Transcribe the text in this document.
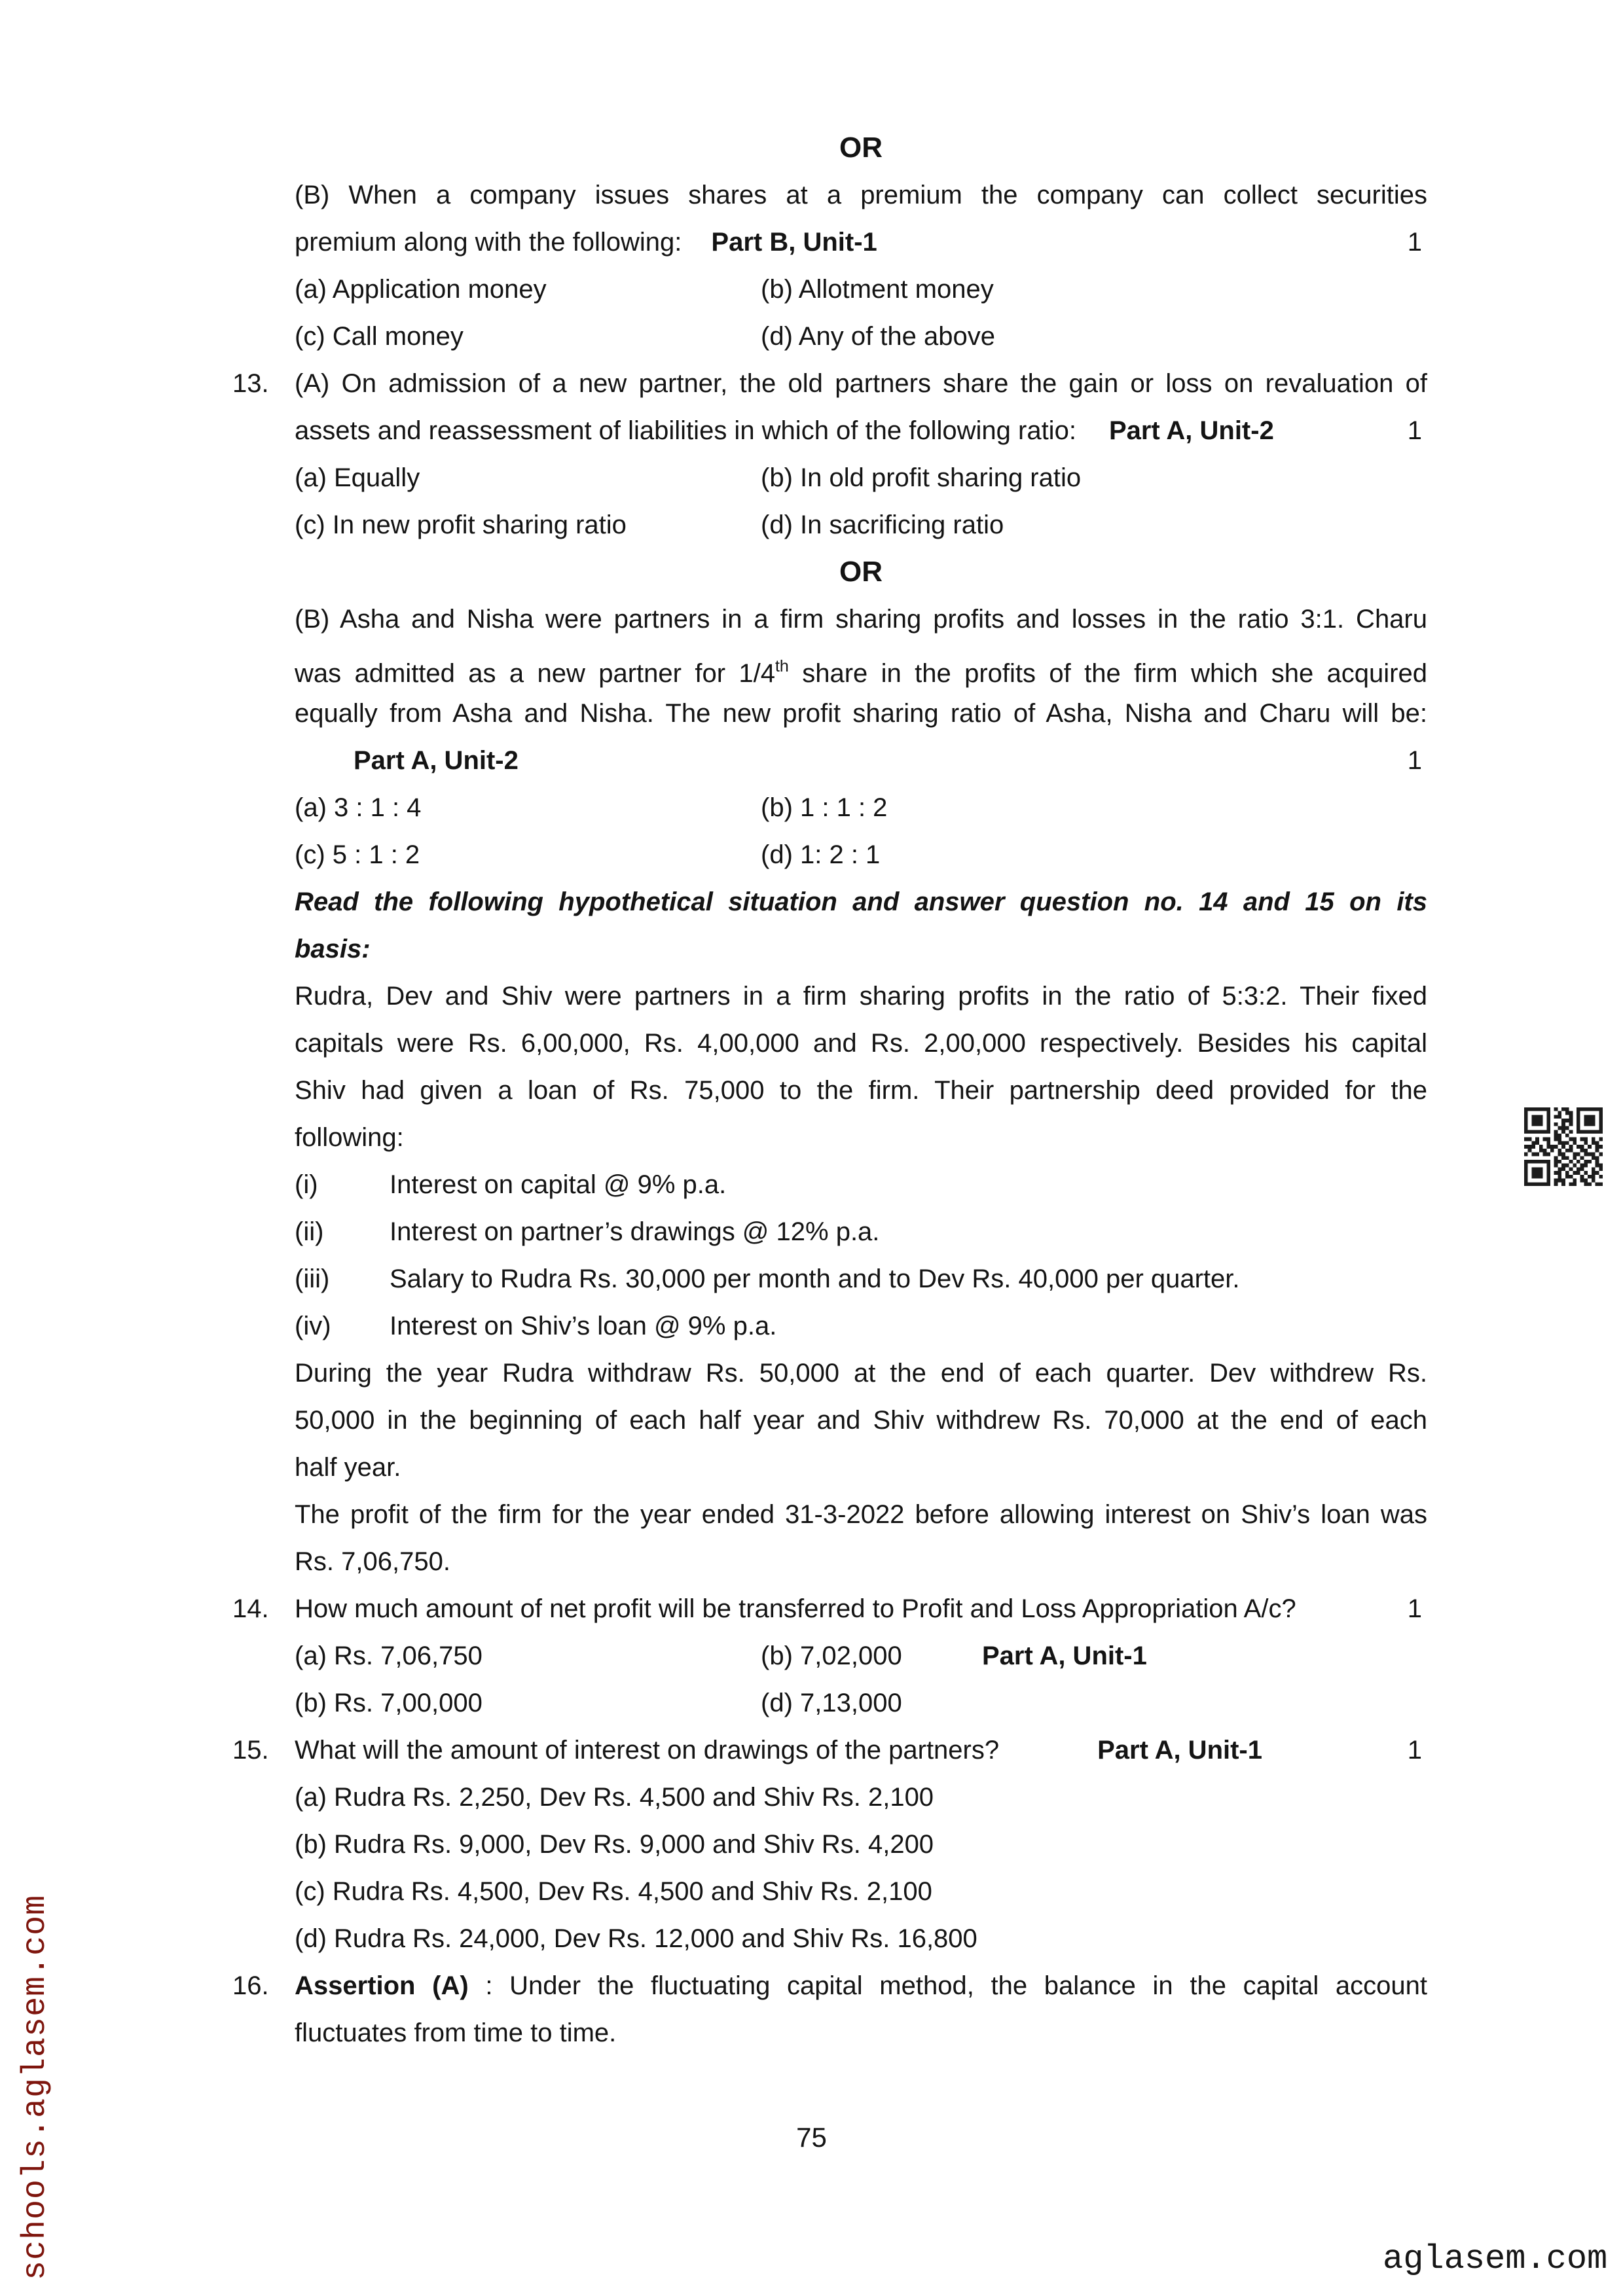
OR
(B) When a company issues shares at a premium the company can collect securities
premium along with the following: Part B, Unit-1	1
(a) Application money	(b) Allotment money
(c) Call money	(d) Any of the above
13. (A) On admission of a new partner, the old partners share the gain or loss on revaluation of
assets and reassessment of liabilities in which of the following ratio: Part A, Unit-2	1
(a) Equally	(b) In old profit sharing ratio
(c) In new profit sharing ratio	(d) In sacrificing ratio
OR
(B) Asha and Nisha were partners in a firm sharing profits and losses in the ratio 3:1. Charu
was admitted as a new partner for 1/4th share in the profits of the firm which she acquired
equally from Asha and Nisha. The new profit sharing ratio of Asha, Nisha and Charu will be:
Part A, Unit-2	1
(a) 3 : 1 : 4	(b) 1 : 1 : 2
(c) 5 : 1 : 2	(d) 1: 2 : 1
Read the following hypothetical situation and answer question no. 14 and 15 on its
basis:
Rudra, Dev and Shiv were partners in a firm sharing profits in the ratio of 5:3:2. Their fixed
capitals were Rs. 6,00,000, Rs. 4,00,000 and Rs. 2,00,000 respectively. Besides his capital
Shiv had given a loan of Rs. 75,000 to the firm. Their partnership deed provided for the
following:
(i)	Interest on capital @ 9% p.a.
(ii)	Interest on partner’s drawings @ 12% p.a.
(iii) Salary to Rudra Rs. 30,000 per month and to Dev Rs. 40,000 per quarter.
(iv) Interest on Shiv’s loan @ 9% p.a.
During the year Rudra withdraw Rs. 50,000 at the end of each quarter. Dev withdrew Rs.
50,000 in the beginning of each half year and Shiv withdrew Rs. 70,000 at the end of each
half year.
The profit of the firm for the year ended 31-3-2022 before allowing interest on Shiv’s loan was
Rs. 7,06,750.
14. How much amount of net profit will be transferred to Profit and Loss Appropriation A/c?	1
(a) Rs. 7,06,750	(b) 7,02,000	Part A, Unit-1
(b) Rs. 7,00,000	(d) 7,13,000
15. What will the amount of interest on drawings of the partners?	Part A, Unit-1	1
(a) Rudra Rs. 2,250, Dev Rs. 4,500 and Shiv Rs. 2,100
(b) Rudra Rs. 9,000, Dev Rs. 9,000 and Shiv Rs. 4,200
(c) Rudra Rs. 4,500, Dev Rs. 4,500 and Shiv Rs. 2,100
(d) Rudra Rs. 24,000, Dev Rs. 12,000 and Shiv Rs. 16,800
16. Assertion (A) : Under the fluctuating capital method, the balance in the capital account
fluctuates from time to time.
75
schools.aglasem.com	aglasem.com
